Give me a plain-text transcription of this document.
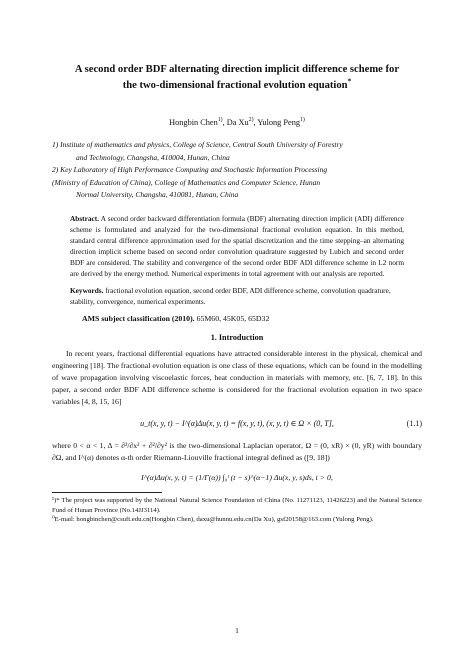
A second order BDF alternating direction implicit difference scheme for
the two-dimensional fractional evolution equation*
Hongbin Chen$^{1)}$, Da Xu$^{2)}$, Yulong Peng$^{1)}$

1) Institute of mathematics and physics, College of Science, Central South University of Forestry

and Technology, Changsha, 410004, Hunan, China

2) Key Laboratory of High Performance Computing and Stochastic Information Processing

(Ministry of Education of China), College of Mathematics and Computer Science, Hunan

Normal University, Changsha, 410081, Hunan, China

Abstract. A second order backward differentiation formula (BDF) alternating direction implicit (ADI) difference scheme is formulated and analyzed for the two-dimensional fractional evolution equation. In this method, standard central difference approximation used for the spatial discretization and the time stepping–an alternating direction implicit scheme based on second order convolution quadrature suggested by Lubich and second order BDF are considered. The stability and convergence of the second order BDF ADI difference scheme in L2 norm are derived by the energy method. Numerical experiments in total agreement with our analysis are reported.
Keywords. fractional evolution equation, second order BDF, ADI difference scheme, convolution quadrature, stability, convergence, numerical experiments.
AMS subject classification (2010). 65M60, 45K05, 65D32
1. Introduction

In recent years, fractional differential equations have attracted considerable interest in the physical, chemical and engineering [18]. The fractional evolution equation is one class of these equations, which can be found in the modelling of wave propagation involving viscoelastic forces, heat conduction in materials with memory, etc. [6, 7, 18]. In this paper, a second order BDF ADI difference scheme is considered for the fractional evolution equation in two space variables [4, 8, 15, 16]

u_t(x, y, t) − I^(α)Δu(x, y, t) = f(x, y, t), (x, y, t) ∈ Ω × (0, T],	(1.1)

where 0 < α < 1, Δ = ∂²/∂x² + ∂²/∂y² is the two-dimensional Laplacian operator, Ω = (0, xR) × (0, yR) with boundary ∂Ω, and I^(α) denotes α-th order Riemann-Liouville fractional integral defined as ([9, 18])

I^(α)Δu(x, y, t) = (1/Γ(α)) ∫₀ᵗ (t − s)^(α−1) Δu(x, y, s)ds, t > 0,

¹)* The project was supported by the National Natural Science Foundation of China (No. 11271123, 11426223) and the Natural Science Fund of Hunan Province (No.14JJ3114).

⁰E-mail: hongbinchen@csuft.edu.cn(Hongbin Chen), daxu@hunnu.edu.cn(Da Xu), gsf20158@163.com (Yulong Peng).

1
